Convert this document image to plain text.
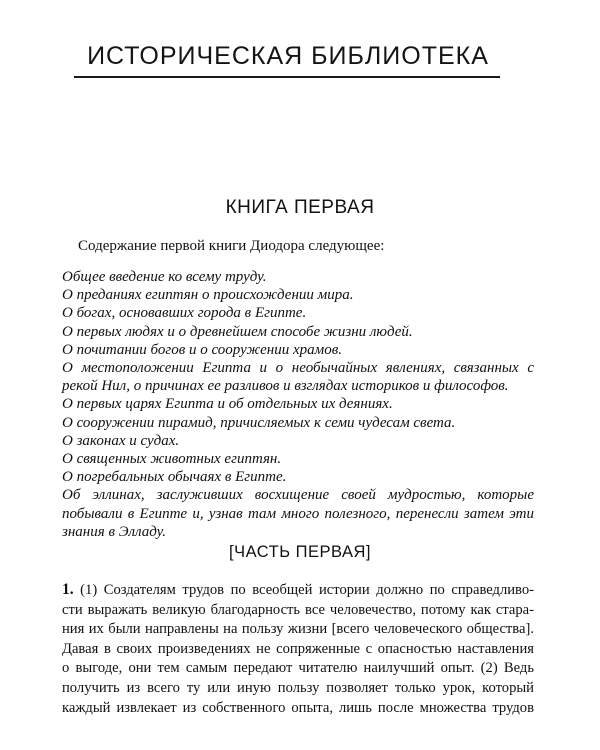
ИСТОРИЧЕСКАЯ БИБЛИОТЕКА
КНИГА ПЕРВАЯ
Содержание первой книги Диодора следующее:
Общее введение ко всему труду.
О преданиях египтян о происхождении мира.
О богах, основавших города в Египте.
О первых людях и о древнейшем способе жизни людей.
О почитании богов и о сооружении храмов.
О местоположении Египта и о необычайных явлениях, связанных с рекой Нил, о причинах ее разливов и взглядах историков и философов.
О первых царях Египта и об отдельных их деяниях.
О сооружении пирамид, причисляемых к семи чудесам света.
О законах и судах.
О священных животных египтян.
О погребальных обычаях в Египте.
Об эллинах, заслуживших восхищение своей мудростью, которые побывали в Египте и, узнав там много полезного, перенесли затем эти знания в Элладу.
[ЧАСТЬ ПЕРВАЯ]
1. (1) Создателям трудов по всеобщей истории должно по справедливо-
сти выражать великую благодарность все человечество, потому как стара-
ния их были направлены на пользу жизни [всего человеческого общества].
Давая в своих произведениях не сопряженные с опасностью наставления
о выгоде, они тем самым передают читателю наилучший опыт. (2) Ведь
получить из всего ту или иную пользу позволяет только урок, который
каждый извлекает из собственного опыта, лишь после множества трудов
